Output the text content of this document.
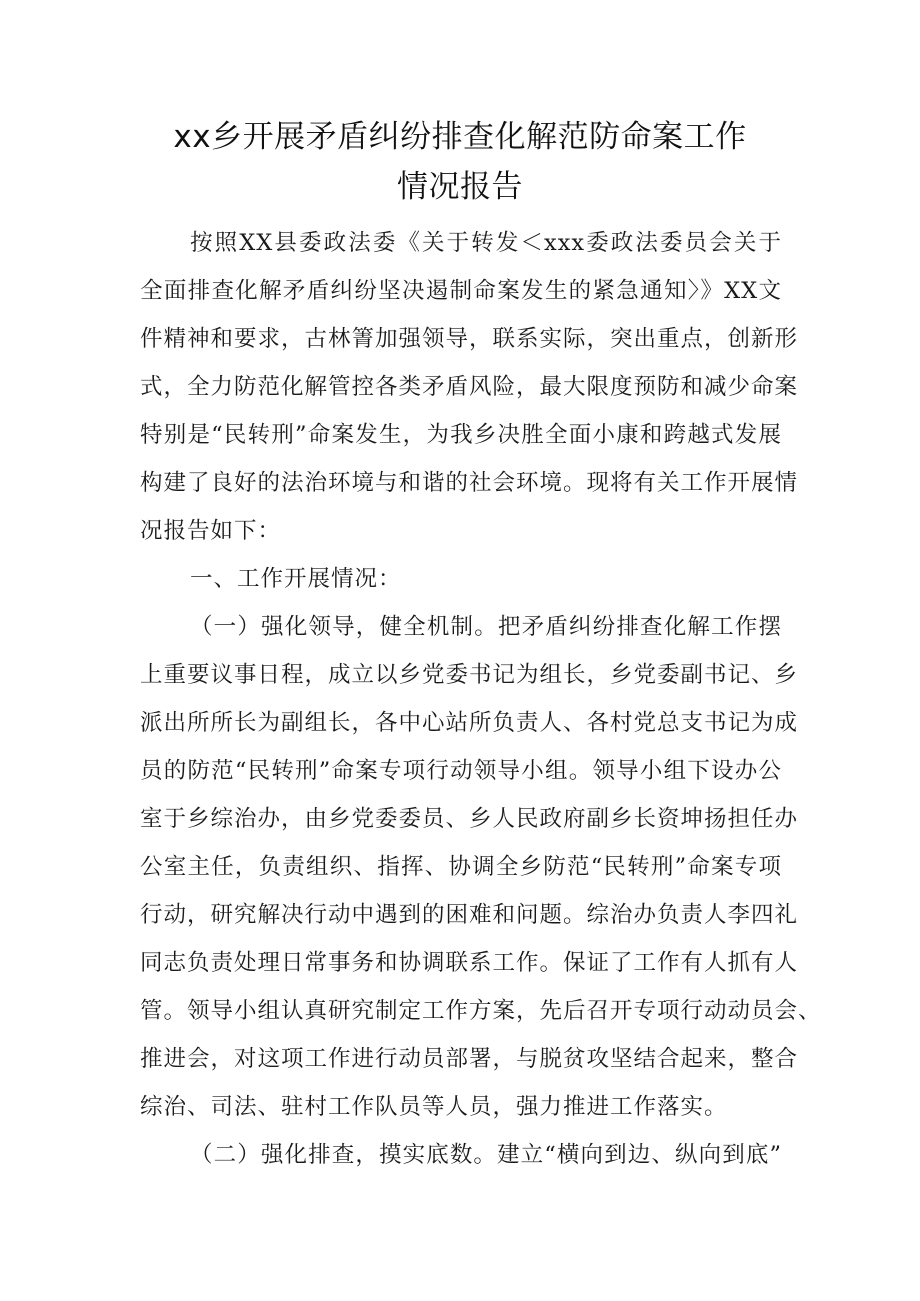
xx乡开展矛盾纠纷排查化解范防命案工作
情况报告
按照XX县委政法委《关于转发＜xxx委政法委员会关于
全面排查化解矛盾纠纷坚决遏制命案发生的紧急通知〉》XX文
件精神和要求，古林箐加强领导，联系实际，突出重点，创新形
式，全力防范化解管控各类矛盾风险，最大限度预防和减少命案
特别是“民转刑”命案发生，为我乡决胜全面小康和跨越式发展
构建了良好的法治环境与和谐的社会环境。现将有关工作开展情
况报告如下：
一、工作开展情况：
（一）强化领导，健全机制。把矛盾纠纷排查化解工作摆
上重要议事日程，成立以乡党委书记为组长，乡党委副书记、乡
派出所所长为副组长，各中心站所负责人、各村党总支书记为成
员的防范“民转刑”命案专项行动领导小组。领导小组下设办公
室于乡综治办，由乡党委委员、乡人民政府副乡长资坤扬担任办
公室主任，负责组织、指挥、协调全乡防范“民转刑”命案专项
行动，研究解决行动中遇到的困难和问题。综治办负责人李四礼
同志负责处理日常事务和协调联系工作。保证了工作有人抓有人
管。领导小组认真研究制定工作方案，先后召开专项行动动员会、
推进会，对这项工作进行动员部署，与脱贫攻坚结合起来，整合
综治、司法、驻村工作队员等人员，强力推进工作落实。
（二）强化排查，摸实底数。建立“横向到边、纵向到底”
